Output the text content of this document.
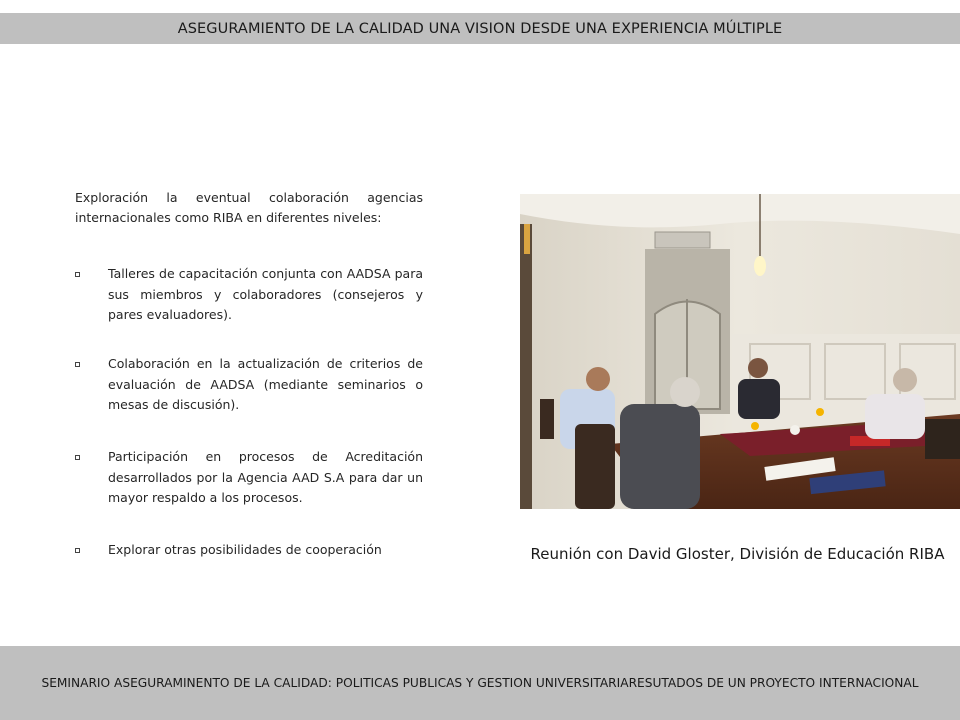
ASEGURAMIENTO DE LA CALIDAD UNA VISION DESDE UNA EXPERIENCIA MÚLTIPLE
Exploración la eventual colaboración agencias internacionales como RIBA en diferentes niveles:
Talleres de capacitación conjunta con AADSA para sus miembros y colaboradores (consejeros y pares evaluadores).
Colaboración en la actualización de criterios de evaluación de AADSA (mediante seminarios o mesas de discusión).
Participación en procesos de Acreditación desarrollados por la Agencia AAD S.A para dar un mayor respaldo a los procesos.
Explorar otras posibilidades de cooperación	Reunión con David Gloster, División de Educación RIBA
SEMINARIO ASEGURAMINENTO DE LA CALIDAD: POLITICAS PUBLICAS Y GESTION UNIVERSITARIARESUTADOS DE UN PROYECTO INTERNACIONAL
